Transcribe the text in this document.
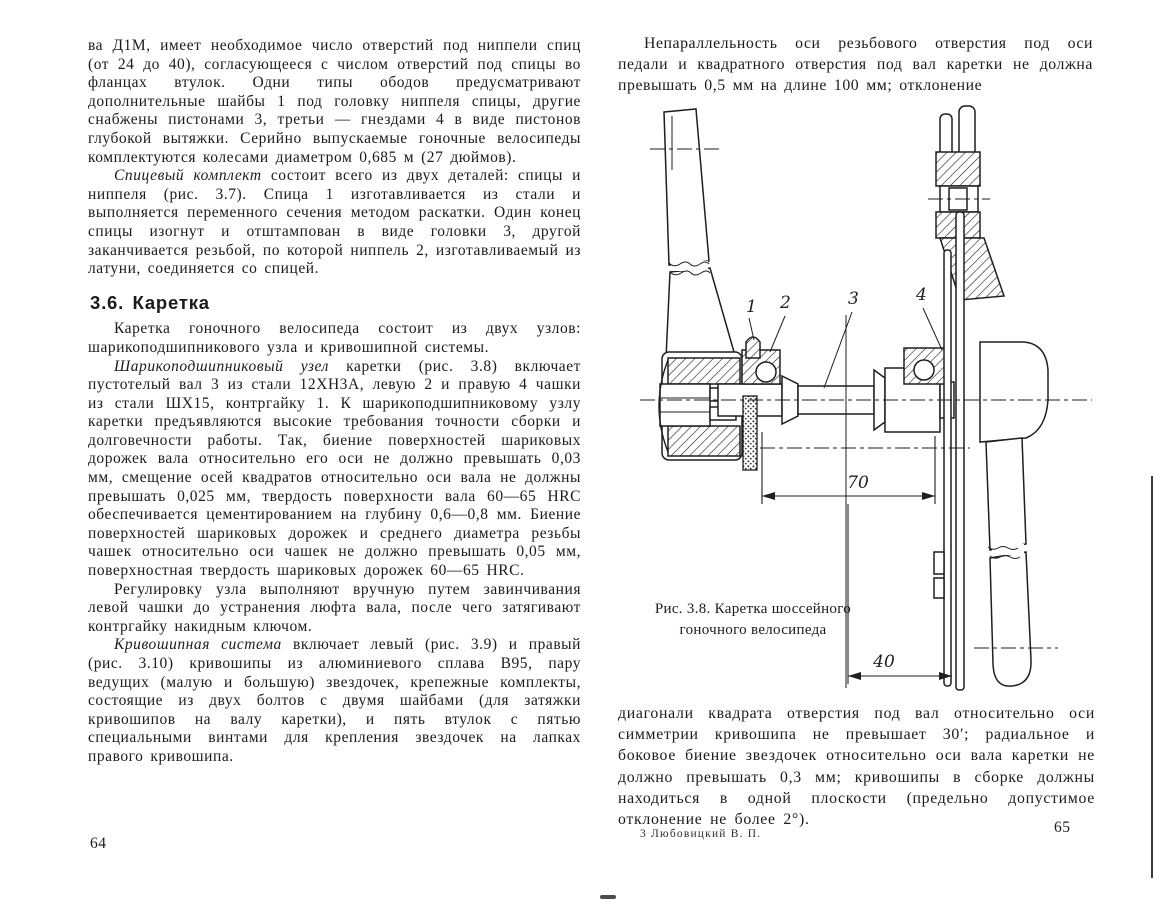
ва Д1М, имеет необходимое число отверстий под ниппели спиц (от 24 до 40), согласующееся с числом отверстий под спицы во фланцах втулок. Одни типы ободов предусматривают дополнительные шайбы 1 под головку ниппеля спицы, другие снабжены пистонами 3, третьи — гнездами 4 в виде пистонов глубокой вытяжки. Серийно выпускаемые гоночные велосипеды комплектуются колесами диаметром 0,685 м (27 дюймов).

Спицевый комплект состоит всего из двух деталей: спицы и ниппеля (рис. 3.7). Спица 1 изготавливается из стали и выполняется переменного сечения методом раскатки. Один конец спицы изогнут и отштампован в виде головки 3, другой заканчивается резьбой, по которой ниппель 2, изготавливаемый из латуни, соединяется со спицей.

3.6. Каретка

Каретка гоночного велосипеда состоит из двух узлов: шарикоподшипникового узла и кривошипной системы.

Шарикоподшипниковый узел каретки (рис. 3.8) включает пустотелый вал 3 из стали 12ХН3А, левую 2 и правую 4 чашки из стали ШХ15, контргайку 1. К шарикоподшипниковому узлу каретки предъявляются высокие требования точности сборки и долговечности работы. Так, биение поверхностей шариковых дорожек вала относительно его оси не должно превышать 0,03 мм, смещение осей квадратов относительно оси вала не должны превышать 0,025 мм, твердость поверхности вала 60—65 HRC обеспечивается цементированием на глубину 0,6—0,8 мм. Биение поверхностей шариковых дорожек и среднего диаметра резьбы чашек относительно оси чашек не должно превышать 0,05 мм, поверхностная твердость шариковых дорожек 60—65 HRC.

Регулировку узла выполняют вручную путем завинчивания левой чашки до устранения люфта вала, после чего затягивают контргайку накидным ключом.

Кривошипная система включает левый (рис. 3.9) и правый (рис. 3.10) кривошипы из алюминиевого сплава В95, пару ведущих (малую и большую) звездочек, крепежные комплекты, состоящие из двух болтов с двумя шайбами (для затяжки кривошипов на валу каретки), и пять втулок с пятью специальными винтами для крепления звездочек на лапках правого кривошипа.

Непараллельность оси резьбового отверстия под оси педали и квадратного отверстия под вал каретки не должна превышать 0,5 мм на длине 100 мм; отклонение

70
40
1 2	3	4
Рис. 3.8. Каретка шоссейного гоночного велосипеда

диагонали квадрата отверстия под вал относительно оси симметрии кривошипа не превышает 30′; радиальное и боковое биение звездочек относительно оси вала каретки не должно превышать 0,3 мм; кривошипы в сборке должны находиться в одной плоскости (предельно допустимое отклонение не более 2°).

64
65
3 Любовицкий В. П.
